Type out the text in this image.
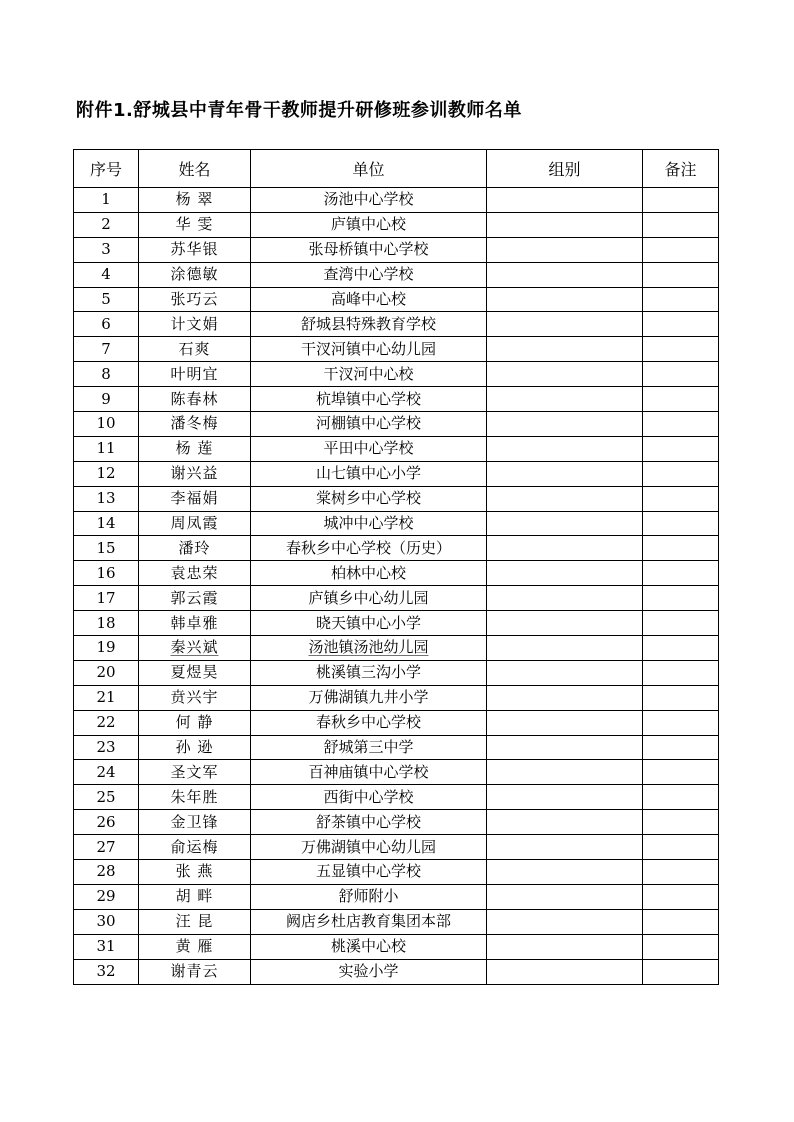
附件1.舒城县中青年骨干教师提升研修班参训教师名单
序号	姓名	单位	组别	备注
1	杨 翠	汤池中心学校		
2	华 雯	庐镇中心校		
3	苏华银	张母桥镇中心学校		
4	涂德敏	查湾中心学校		
5	张巧云	高峰中心校		
6	计文娟	舒城县特殊教育学校		
7	石爽	干汊河镇中心幼儿园		
8	叶明宜	干汊河中心校		
9	陈春林	杭埠镇中心学校		
10	潘冬梅	河棚镇中心学校		
11	杨 莲	平田中心学校		
12	谢兴益	山七镇中心小学		
13	李福娟	棠树乡中心学校		
14	周凤霞	城冲中心学校		
15	潘玲	春秋乡中心学校（历史）		
16	袁忠荣	柏林中心校		
17	郭云霞	庐镇乡中心幼儿园		
18	韩卓雅	晓天镇中心小学		
19	秦兴斌	汤池镇汤池幼儿园		
20	夏煜昊	桃溪镇三沟小学		
21	贲兴宇	万佛湖镇九井小学		
22	何 静	春秋乡中心学校		
23	孙 逊	舒城第三中学		
24	圣文军	百神庙镇中心学校		
25	朱年胜	西街中心学校		
26	金卫锋	舒茶镇中心学校		
27	俞运梅	万佛湖镇中心幼儿园		
28	张 燕	五显镇中心学校		
29	胡 畔	舒师附小		
30	汪 昆	阙店乡杜店教育集团本部		
31	黄 雁	桃溪中心校		
32	谢青云	实验小学		
